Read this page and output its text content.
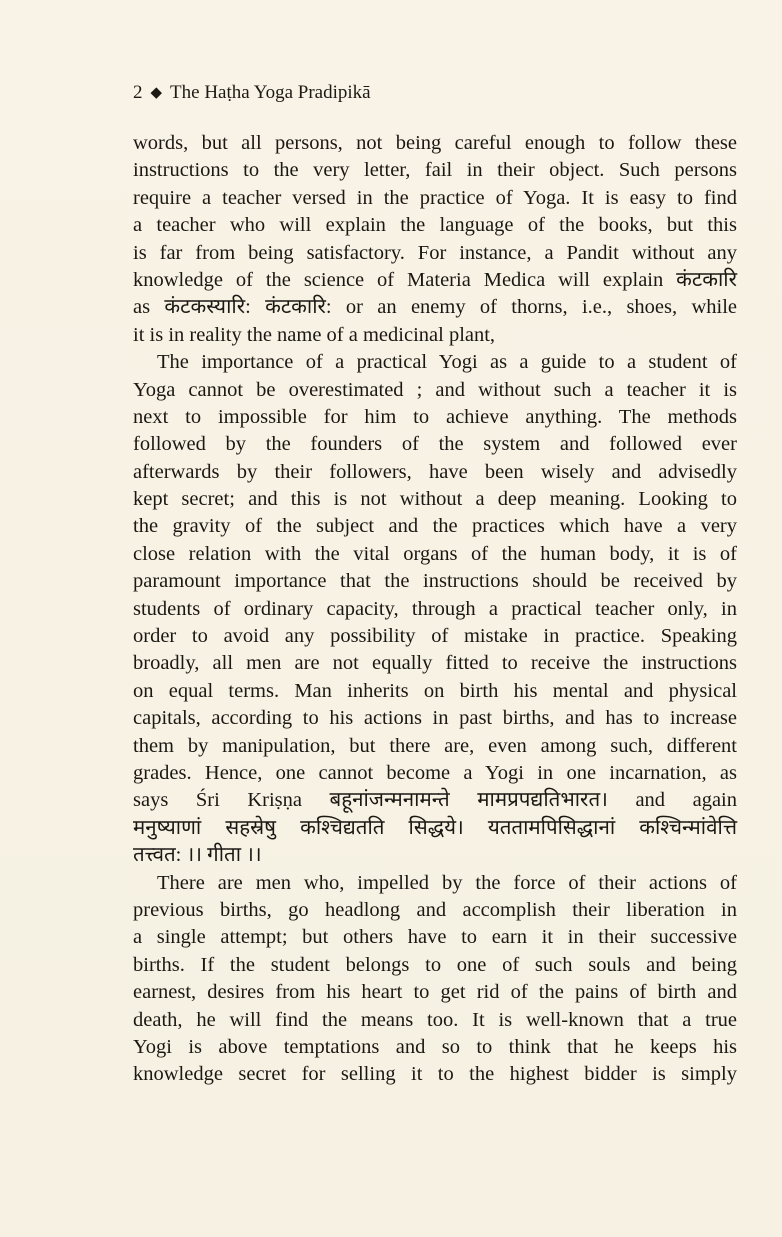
2 ◆ The Haṭha Yoga Pradipikā
words, but all persons, not being careful enough to follow these
instructions to the very letter, fail in their object. Such persons
require a teacher versed in the practice of Yoga. It is easy to find
a teacher who will explain the language of the books, but this
is far from being satisfactory. For instance, a Pandit without any
knowledge of the science of Materia Medica will explain कंटकारि
as कंटकस्यारि: कंटकारि: or an enemy of thorns, i.e., shoes, while
it is in reality the name of a medicinal plant,
The importance of a practical Yogi as a guide to a student of
Yoga cannot be overestimated ; and without such a teacher it is
next to impossible for him to achieve anything. The methods
followed by the founders of the system and followed ever
afterwards by their followers, have been wisely and advisedly
kept secret; and this is not without a deep meaning. Looking to
the gravity of the subject and the practices which have a very
close relation with the vital organs of the human body, it is of
paramount importance that the instructions should be received by
students of ordinary capacity, through a practical teacher only, in
order to avoid any possibility of mistake in practice. Speaking
broadly, all men are not equally fitted to receive the instructions
on equal terms. Man inherits on birth his mental and physical
capitals, according to his actions in past births, and has to increase
them by manipulation, but there are, even among such, different
grades. Hence, one cannot become a Yogi in one incarnation, as
says Śri Kriṣṇa बहूनांजन्मनामन्ते मामप्रपद्यतिभारत। and again
मनुष्याणां सहस्रेषु कश्चिद्यतति सिद्धये। यततामपिसिद्धानां कश्चिन्मांवेत्ति
तत्त्वत: ।। गीता ।।
There are men who, impelled by the force of their actions of
previous births, go headlong and accomplish their liberation in
a single attempt; but others have to earn it in their successive
births. If the student belongs to one of such souls and being
earnest, desires from his heart to get rid of the pains of birth and
death, he will find the means too. It is well-known that a true
Yogi is above temptations and so to think that he keeps his
knowledge secret for selling it to the highest bidder is simply
